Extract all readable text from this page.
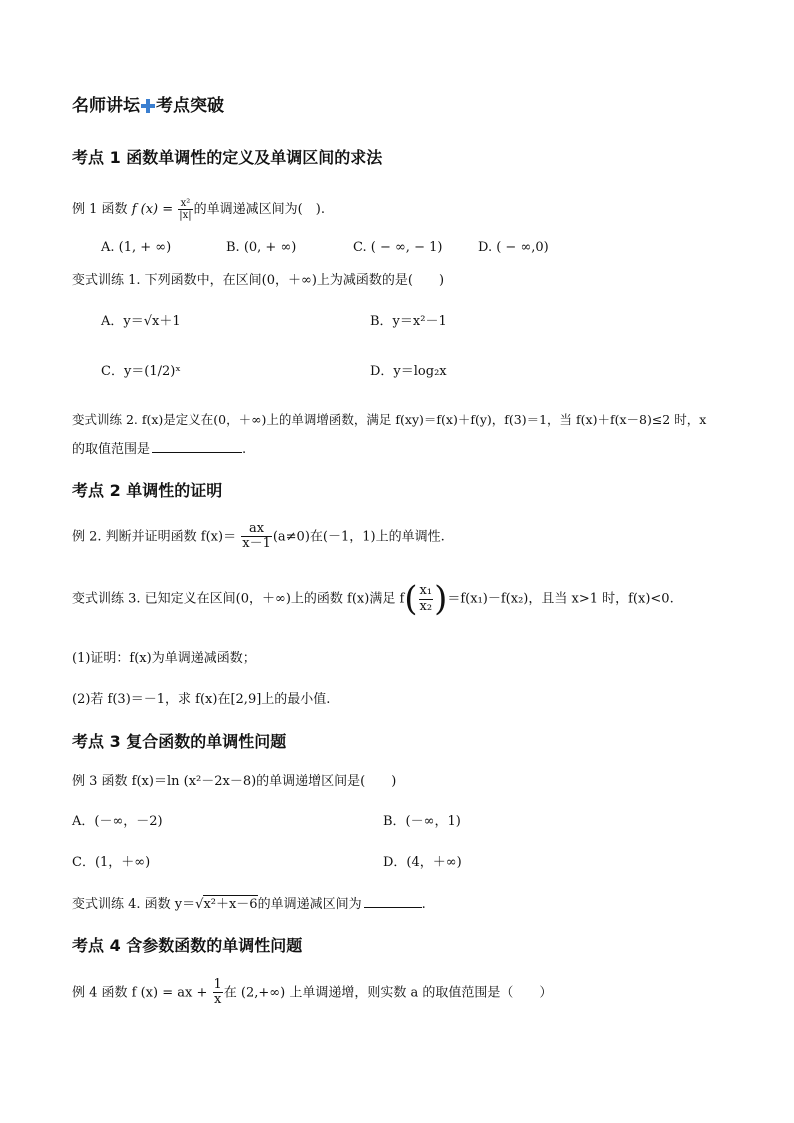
名师讲坛 考点突破
考点 1 函数单调性的定义及单调区间的求法
例 1 函数 f $(x) = \frac{\text{x²}}{|x|}$ 的单调递减区间为(　).
A. (1, + ∞)	B. (0, + ∞)	C. ( − ∞, − 1)	D. ( − ∞,0)
变式训练 1. 下列函数中，在区间(0，＋∞)上为减函数的是(　　)
A．y＝√x＋1	B．y＝x²－1
C．y＝(1/2)ˣ	D．y＝log₂x
变式训练 2. f(x)是定义在(0，＋∞)上的单调增函数，满足 f(xy)＝f(x)＋f(y)，f(3)＝1，当 f(x)＋f(x－8)≤2 时，x
的取值范围是	.
考点 2 单调性的证明
例 2. 判断并证明函数 $f(x)= \frac{ax}{x-1} (a\ne 0)$在(－1，1)上的单调性.
变式训练 3. 已知定义在区间(0，＋∞)上的函数 f(x)满足 $f( \frac{\text{x₁}}{\text{x₂}} )=f(x_1)-f(x_2)$，且当 x>1 时，f(x)<0.
(1)证明：f(x)为单调递减函数；
(2)若 f(3)＝－1，求 f(x)在[2,9]上的最小值.
考点 3 复合函数的单调性问题
例 3 函数 f(x)＝ln (x²－2x－8)的单调递增区间是(　　)
A．(－∞，－2)	B．(－∞，1)
C．(1，＋∞)	D．(4，＋∞)
变式训练 4. 函数 y＝√x²＋x－6的单调递减区间为	.
考点 4 含参数函数的单调性问题
例 4 函数 f (x) = ax + $\frac{1}{x}$ 在 (2,+∞) 上单调递增，则实数 a 的取值范围是（　　）
